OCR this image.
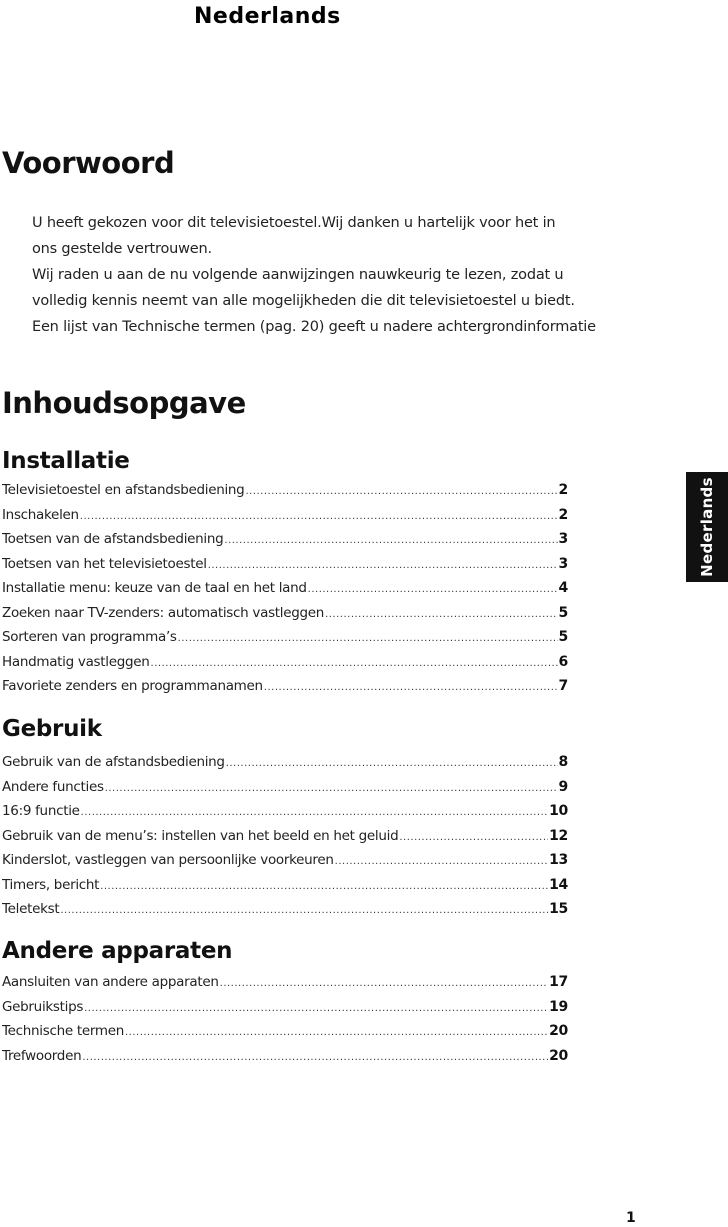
Nederlands
Voorwoord

U heeft gekozen voor dit televisietoestel.Wij danken u hartelijk voor het in

ons gestelde vertrouwen.

Wij raden u aan de nu volgende aanwijzingen nauwkeurig te lezen, zodat u

volledig kennis neemt van alle mogelijkheden die dit televisietoestel u biedt.

Een lijst van Technische termen (pag. 20) geeft u nadere achtergrondinformatie

Inhoudsopgave
Installatie
Televisietoestel en afstandsbediening .....	2
Inschakelen .....	2
Toetsen van de afstandsbediening .....	3
Toetsen van het televisietoestel .....	3
Installatie menu: keuze van de taal en het land .....	4
Zoeken naar TV-zenders: automatisch vastleggen .....	5
Sorteren van programma’s .....	5
Handmatig vastleggen .....	6
Favoriete zenders en programmanamen .....	7
Gebruik
Gebruik van de afstandsbediening .....	8
Andere functies .....	9
16:9 functie .....	10
Gebruik van de menu’s: instellen van het beeld en het geluid .....	12
Kinderslot, vastleggen van persoonlijke voorkeuren .....	13
Timers, bericht .....	14
Teletekst .....	15
Andere apparaten
Aansluiten van andere apparaten .....	17
Gebruikstips .....	19
Technische termen .....	20
Trefwoorden .....	20
Nederlands
1
